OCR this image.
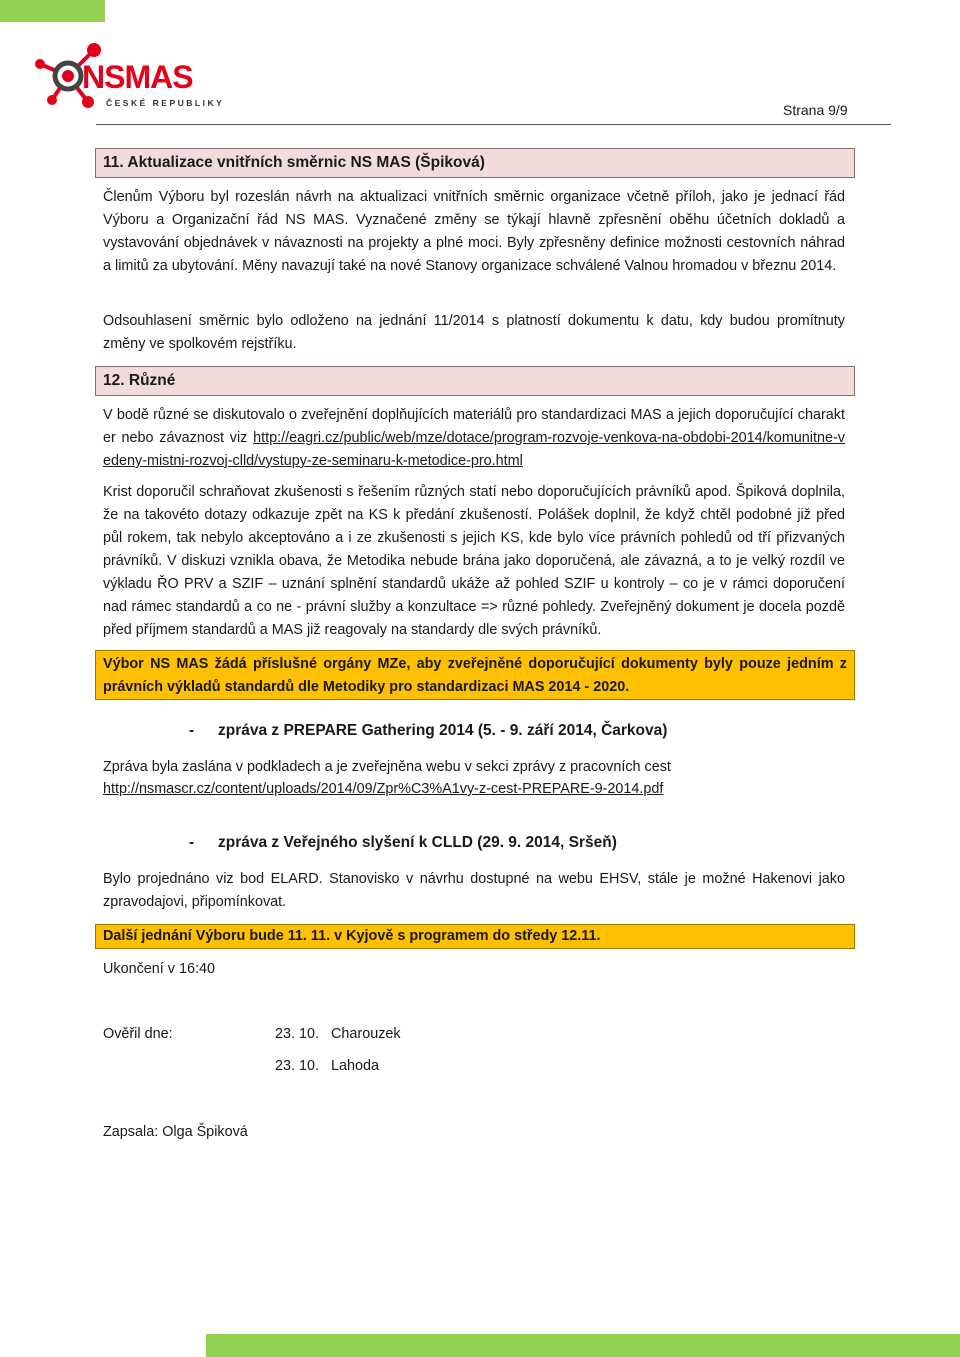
NSMAS
ČESKÉ REPUBLIKY	Strana 9/9
11. Aktualizace vnitřních směrnic NS MAS (Špiková)
Členům Výboru byl rozeslán návrh na aktualizaci vnitřních směrnic organizace včetně příloh, jako je jednací řád Výboru a Organizační řád NS MAS. Vyznačené změny se týkají hlavně zpřesnění oběhu účetních dokladů a vystavování objednávek v návaznosti na projekty a plné moci. Byly zpřesněny definice možnosti cestovních náhrad a limitů za ubytování. Měny navazují také na nové Stanovy organizace schválené Valnou hromadou v březnu 2014.
Odsouhlasení směrnic bylo odloženo na jednání 11/2014 s platností dokumentu k datu, kdy budou promítnuty změny ve spolkovém rejstříku.
12. Různé
V bodě různé se diskutovalo o zveřejnění doplňujících materiálů pro standardizaci MAS a jejich doporučující charakter nebo závaznost viz http://eagri.cz/public/web/mze/dotace/program-rozvoje-venkova-na-obdobi-2014/komunitne-vedeny-mistni-rozvoj-clld/vystupy-ze-seminaru-k-metodice-pro.html
Krist doporučil schraňovat zkušenosti s řešením různých statí nebo doporučujících právníků apod. Špiková doplnila, že na takovéto dotazy odkazuje zpět na KS k předání zkušeností. Polášek doplnil, že když chtěl podobné již před půl rokem, tak nebylo akceptováno a i ze zkušenosti s jejich KS, kde bylo více právních pohledů od tří přizvaných právníků. V diskuzi vznikla obava, že Metodika nebude brána jako doporučená, ale závazná, a to je velký rozdíl ve výkladu ŘO PRV a SZIF – uznání splnění standardů ukáže až pohled SZIF u kontroly – co je v rámci doporučení nad rámec standardů a co ne - právní služby a konzultace => různé pohledy. Zveřejněný dokument je docela pozdě před příjmem standardů a MAS již reagovaly na standardy dle svých právníků.
Výbor NS MAS žádá příslušné orgány MZe, aby zveřejněné doporučující dokumenty byly pouze jedním z právních výkladů standardů dle Metodiky pro standardizaci MAS 2014 - 2020.
- zpráva z PREPARE Gathering 2014 (5. - 9. září 2014, Čarkova)
Zpráva byla zaslána v podkladech a je zveřejněna webu v sekci zprávy z pracovních cest
http://nsmascr.cz/content/uploads/2014/09/Zpr%C3%A1vy-z-cest-PREPARE-9-2014.pdf
- zpráva z Veřejného slyšení k CLLD (29. 9. 2014, Sršeň)
Bylo projednáno viz bod ELARD. Stanovisko v návrhu dostupné na webu EHSV, stále je možné Hakenovi jako zpravodajovi, připomínkovat.
Další jednání Výboru bude 11. 11. v Kyjově s programem do středy 12.11.
Ukončení v 16:40
Ověřil dne:	23. 10. Charouzek
23. 10. Lahoda
Zapsala: Olga Špiková
